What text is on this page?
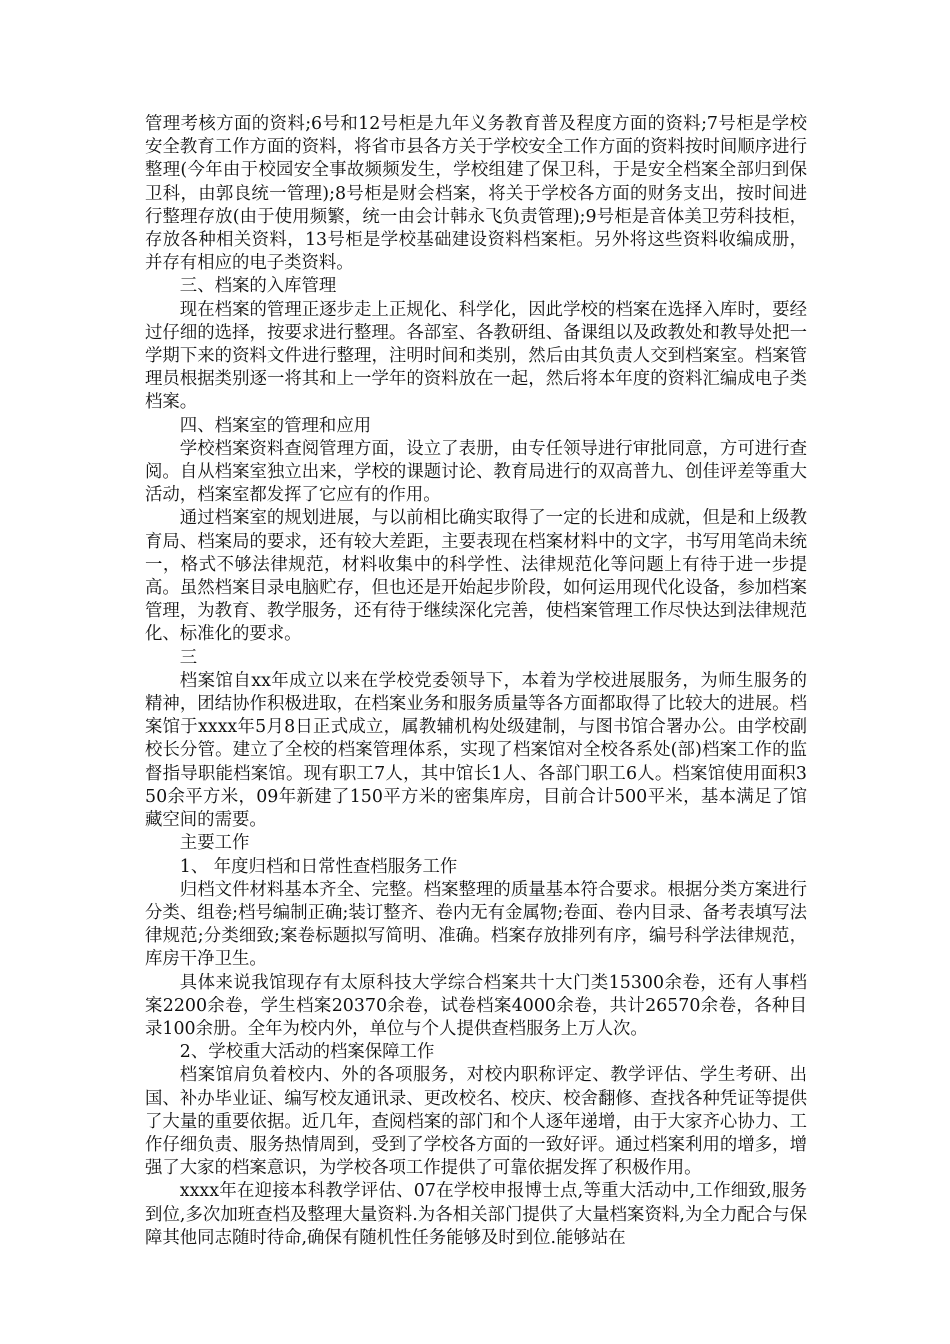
管理考核方面的资料;6号和12号柜是九年义务教育普及程度方面的资料;7号柜是学校安全教育工作方面的资料，将省市县各方关于学校安全工作方面的资料按时间顺序进行整理(今年由于校园安全事故频频发生，学校组建了保卫科，于是安全档案全部归到保卫科，由郭良统一管理);8号柜是财会档案，将关于学校各方面的财务支出，按时间进行整理存放(由于使用频繁，统一由会计韩永飞负责管理);9号柜是音体美卫劳科技柜，存放各种相关资料，13号柜是学校基础建设资料档案柜。另外将这些资料收编成册，并存有相应的电子类资料。

三、档案的入库管理

现在档案的管理正逐步走上正规化、科学化，因此学校的档案在选择入库时，要经过仔细的选择，按要求进行整理。各部室、各教研组、备课组以及政教处和教导处把一学期下来的资料文件进行整理，注明时间和类别，然后由其负责人交到档案室。档案管理员根据类别逐一将其和上一学年的资料放在一起，然后将本年度的资料汇编成电子类档案。

四、档案室的管理和应用

学校档案资料查阅管理方面，设立了表册，由专任领导进行审批同意，方可进行查阅。自从档案室独立出来，学校的课题讨论、教育局进行的双高普九、创佳评差等重大活动，档案室都发挥了它应有的作用。

通过档案室的规划进展，与以前相比确实取得了一定的长进和成就，但是和上级教育局、档案局的要求，还有较大差距，主要表现在档案材料中的文字，书写用笔尚未统一，格式不够法律规范，材料收集中的科学性、法律规范化等问题上有待于进一步提高。虽然档案目录电脑贮存，但也还是开始起步阶段，如何运用现代化设备，参加档案管理，为教育、教学服务，还有待于继续深化完善，使档案管理工作尽快达到法律规范化、标准化的要求。

三

档案馆自xx年成立以来在学校党委领导下，本着为学校进展服务，为师生服务的精神，团结协作积极进取，在档案业务和服务质量等各方面都取得了比较大的进展。档案馆于xxxx年5月8日正式成立，属教辅机构处级建制，与图书馆合署办公。由学校副校长分管。建立了全校的档案管理体系，实现了档案馆对全校各系处(部)档案工作的监督指导职能档案馆。现有职工7人，其中馆长1人、各部门职工6人。档案馆使用面积350余平方米，09年新建了150平方米的密集库房，目前合计500平米，基本满足了馆藏空间的需要。

主要工作

1、 年度归档和日常性查档服务工作

归档文件材料基本齐全、完整。档案整理的质量基本符合要求。根据分类方案进行分类、组卷;档号编制正确;装订整齐、卷内无有金属物;卷面、卷内目录、备考表填写法律规范;分类细致;案卷标题拟写简明、准确。档案存放排列有序，编号科学法律规范，库房干净卫生。

具体来说我馆现存有太原科技大学综合档案共十大门类15300余卷，还有人事档案2200余卷，学生档案20370余卷，试卷档案4000余卷，共计26570余卷，各种目录100余册。全年为校内外，单位与个人提供查档服务上万人次。

2、学校重大活动的档案保障工作

档案馆肩负着校内、外的各项服务，对校内职称评定、教学评估、学生考研、出国、补办毕业证、编写校友通讯录、更改校名、校庆、校舍翻修、查找各种凭证等提供了大量的重要依据。近几年，查阅档案的部门和个人逐年递增，由于大家齐心协力、工作仔细负责、服务热情周到，受到了学校各方面的一致好评。通过档案利用的增多，增强了大家的档案意识，为学校各项工作提供了可靠依据发挥了积极作用。

xxxx年在迎接本科教学评估、07在学校申报博士点,等重大活动中,工作细致,服务到位,多次加班查档及整理大量资料.为各相关部门提供了大量档案资料,为全力配合与保障其他同志随时待命,确保有随机性任务能够及时到位.能够站在
